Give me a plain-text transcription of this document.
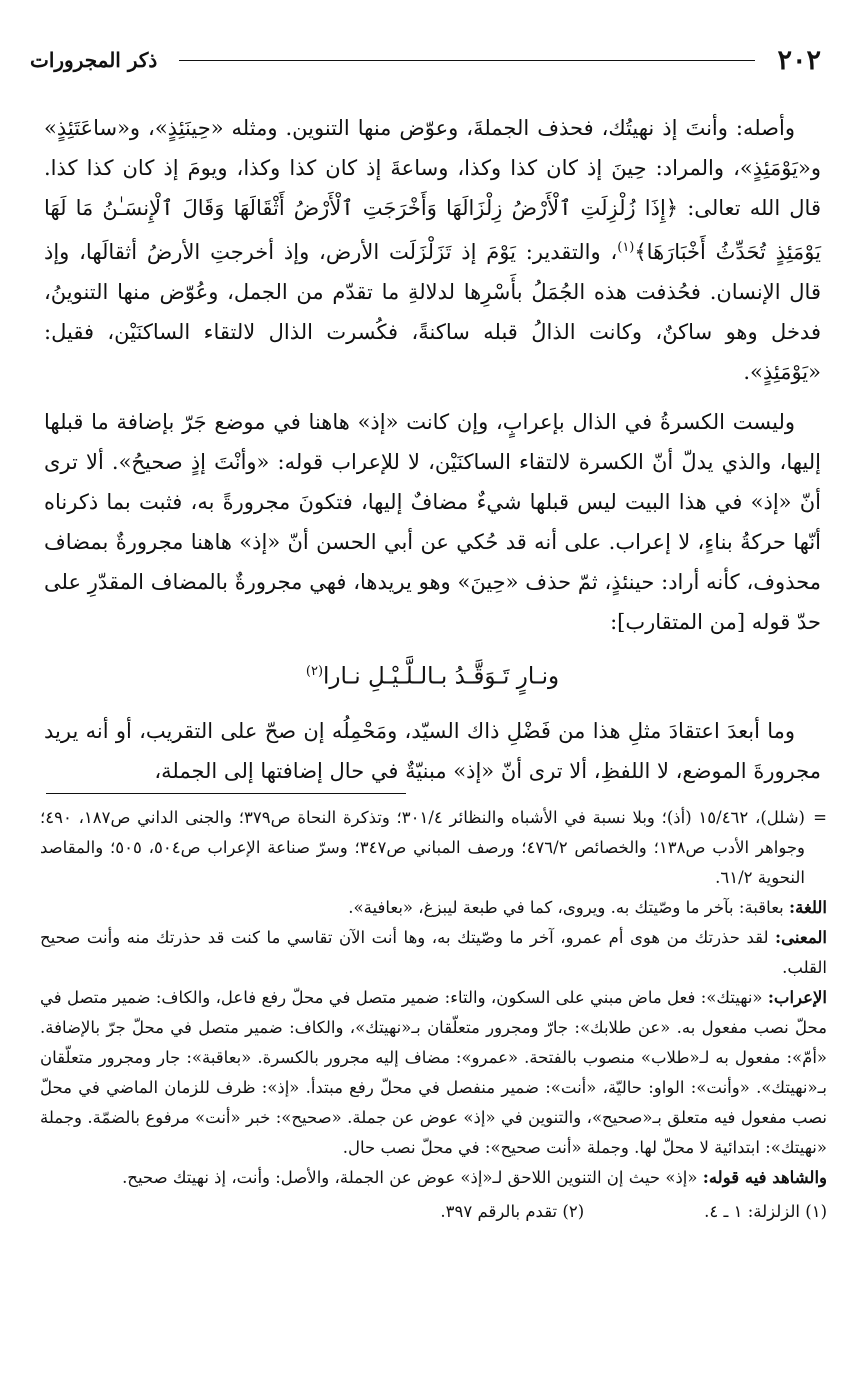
٢٠٢
ذكر المجرورات

وأصله: وأنتَ إذ نهيتُك، فحذف الجملةَ، وعوّض منها التنوين. ومثله «حِينَئِذٍ»، و«ساعَتَئِذٍ» و«يَوْمَئِذٍ»، والمراد: حِينَ إذ كان كذا وكذا، وساعةَ إذ كان كذا وكذا، ويومَ إذ كان كذا كذا. قال الله تعالى: ﴿إِذَا زُلْزِلَتِ ٱلْأَرْضُ زِلْزَالَهَا وَأَخْرَجَتِ ٱلْأَرْضُ أَثْقَالَهَا وَقَالَ ٱلْإِنسَـٰنُ مَا لَهَا يَوْمَئِذٍ تُحَدِّثُ أَخْبَارَهَا﴾$^{(١)}$، والتقدير: يَوْمَ إذ تَزَلْزَلَت الأرض، وإذ أخرجتِ الأرضُ أثقالَها، وإذ قال الإنسان. فحُذفت هذه الجُمَلُ بأَسْرِها لدلالةِ ما تقدّم من الجمل، وعُوّض منها التنوينُ، فدخل وهو ساكنٌ، وكانت الذالُ قبله ساكنةً، فكُسرت الذال لالتقاء الساكنَيْن، فقيل: «يَوْمَئِذٍ».

وليست الكسرةُ في الذال بإعرابٍ، وإن كانت «إذ» هاهنا في موضع جَرّ بإضافة ما قبلها إليها، والذي يدلّ أنّ الكسرة لالتقاء الساكنَيْن، لا للإعراب قوله: «وأنْتَ إذٍ صحيحُ». ألا ترى أنّ «إذ» في هذا البيت ليس قبلها شيءٌ مضافٌ إليها، فتكونَ مجرورةً به، فثبت بما ذكرناه أنّها حركةُ بناءٍ، لا إعراب. على أنه قد حُكي عن أبي الحسن أنّ «إذ» هاهنا مجرورةٌ بمضاف محذوف، كأنه أراد: حينئذٍ، ثمّ حذف «حِينَ» وهو يريدها، فهي مجرورةٌ بالمضاف المقدّرِ على حدّ قوله [من المتقارب]:

ونـارٍ تَـوَقَّـدُ بـالـلَّـيْـلِ نـارا$^{(٢)}$

وما أبعدَ اعتقادَ مثلِ هذا من فَضْلِ ذاك السيّد، ومَحْمِلُه إن صحّ على التقريب، أو أنه يريد مجرورةَ الموضع، لا اللفظِ، ألا ترى أنّ «إذ» مبنيّةٌ في حال إضافتها إلى الجملة،

=
(شلل)، ١٥/٤٦٢ (أذ)؛ وبلا نسبة في الأشباه والنظائر ٣٠١/٤؛ وتذكرة النحاة ص٣٧٩؛ والجنى الداني ص١٨٧، ٤٩٠؛ وجواهر الأدب ص١٣٨؛ والخصائص ٤٧٦/٢؛ ورصف المباني ص٣٤٧؛ وسرّ صناعة الإعراب ص٥٠٤، ٥٠٥؛ والمقاصد النحوية ٦١/٢.

اللغة: بعاقبة: بآخر ما وصّيتك به. ويروى، كما في طبعة ليبزغ، «بعافية».

المعنى: لقد حذرتك من هوى أم عمرو، آخر ما وصّيتك به، وها أنت الآن تقاسي ما كنت قد حذرتك منه وأنت صحيح القلب.

الإعراب: «نهيتك»: فعل ماض مبني على السكون، والتاء: ضمير متصل في محلّ رفع فاعل، والكاف: ضمير متصل في محلّ نصب مفعول به. «عن طلابك»: جارّ ومجرور متعلّقان بـ«نهيتك»، والكاف: ضمير متصل في محلّ جرّ بالإضافة. «أمّ»: مفعول به لـ«طلاب» منصوب بالفتحة. «عمرو»: مضاف إليه مجرور بالكسرة. «بعاقبة»: جار ومجرور متعلّقان بـ«نهيتك». «وأنت»: الواو: حاليّة، «أنت»: ضمير منفصل في محلّ رفع مبتدأ. «إذ»: ظرف للزمان الماضي في محلّ نصب مفعول فيه متعلق بـ«صحيح»، والتنوين في «إذ» عوض عن جملة. «صحيح»: خبر «أنت» مرفوع بالضمّة. وجملة «نهيتك»: ابتدائية لا محلّ لها. وجملة «أنت صحيح»: في محلّ نصب حال.

والشاهد فيه قوله: «إذ» حيث إن التنوين اللاحق لـ«إذ» عوض عن الجملة، والأصل: وأنت، إذ نهيتك صحيح.

(١) الزلزلة: ١ ـ ٤.
(٢) تقدم بالرقم ٣٩٧.
